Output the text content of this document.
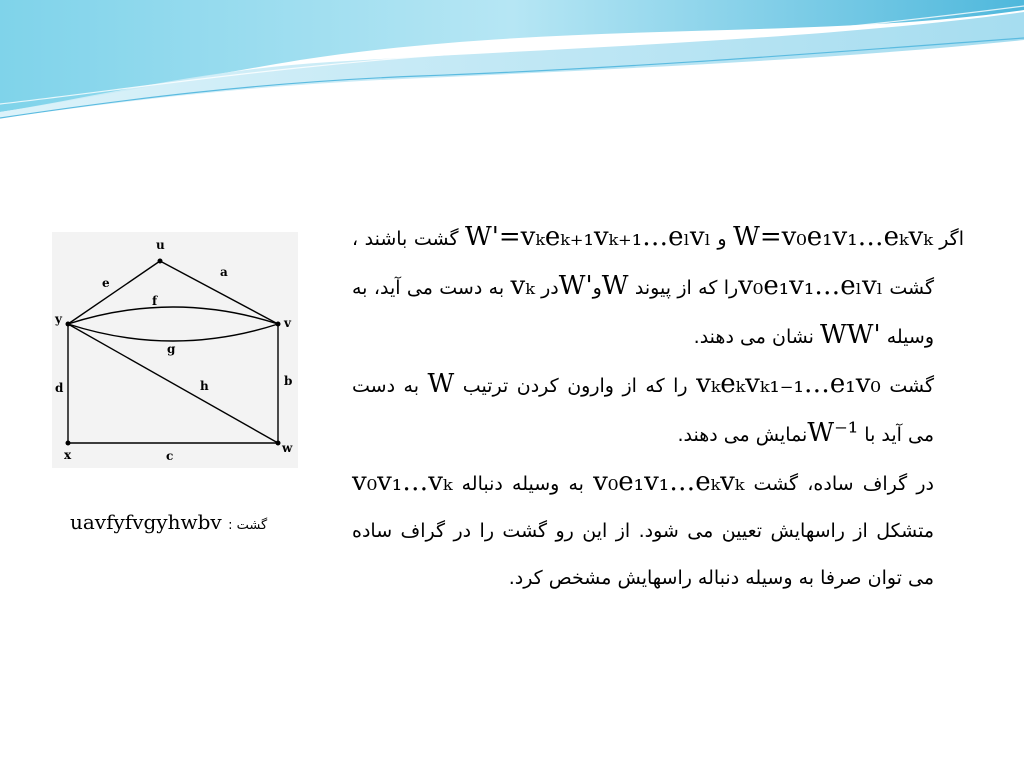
u
y	v
x	w
a
e
f
g
d	h	b
c
uavfyfvgyhwbv گشت :

اگر W=v₀e₁v₁…eₖvₖ و W'=vₖeₖ₊₁vₖ₊₁…eₗvₗ گشت باشند ، گشت v₀e₁v₁…eₗvₗرا که از پیوند WوW'در vₖ به دست می آید، به وسیله WW' نشان می دهند.

گشت vₖeₖvₖ₁₋₁…e₁v₀ را که از وارون کردن ترتیب W به دست می آید با W⁻¹نمایش می دهند.

در گراف ساده، گشت v₀e₁v₁…eₖvₖ به وسیله دنباله v₀v₁…vₖ متشکل از راسهایش تعیین می شود. از این رو گشت را در گراف ساده می توان صرفا به وسیله دنباله راسهایش مشخص کرد.
